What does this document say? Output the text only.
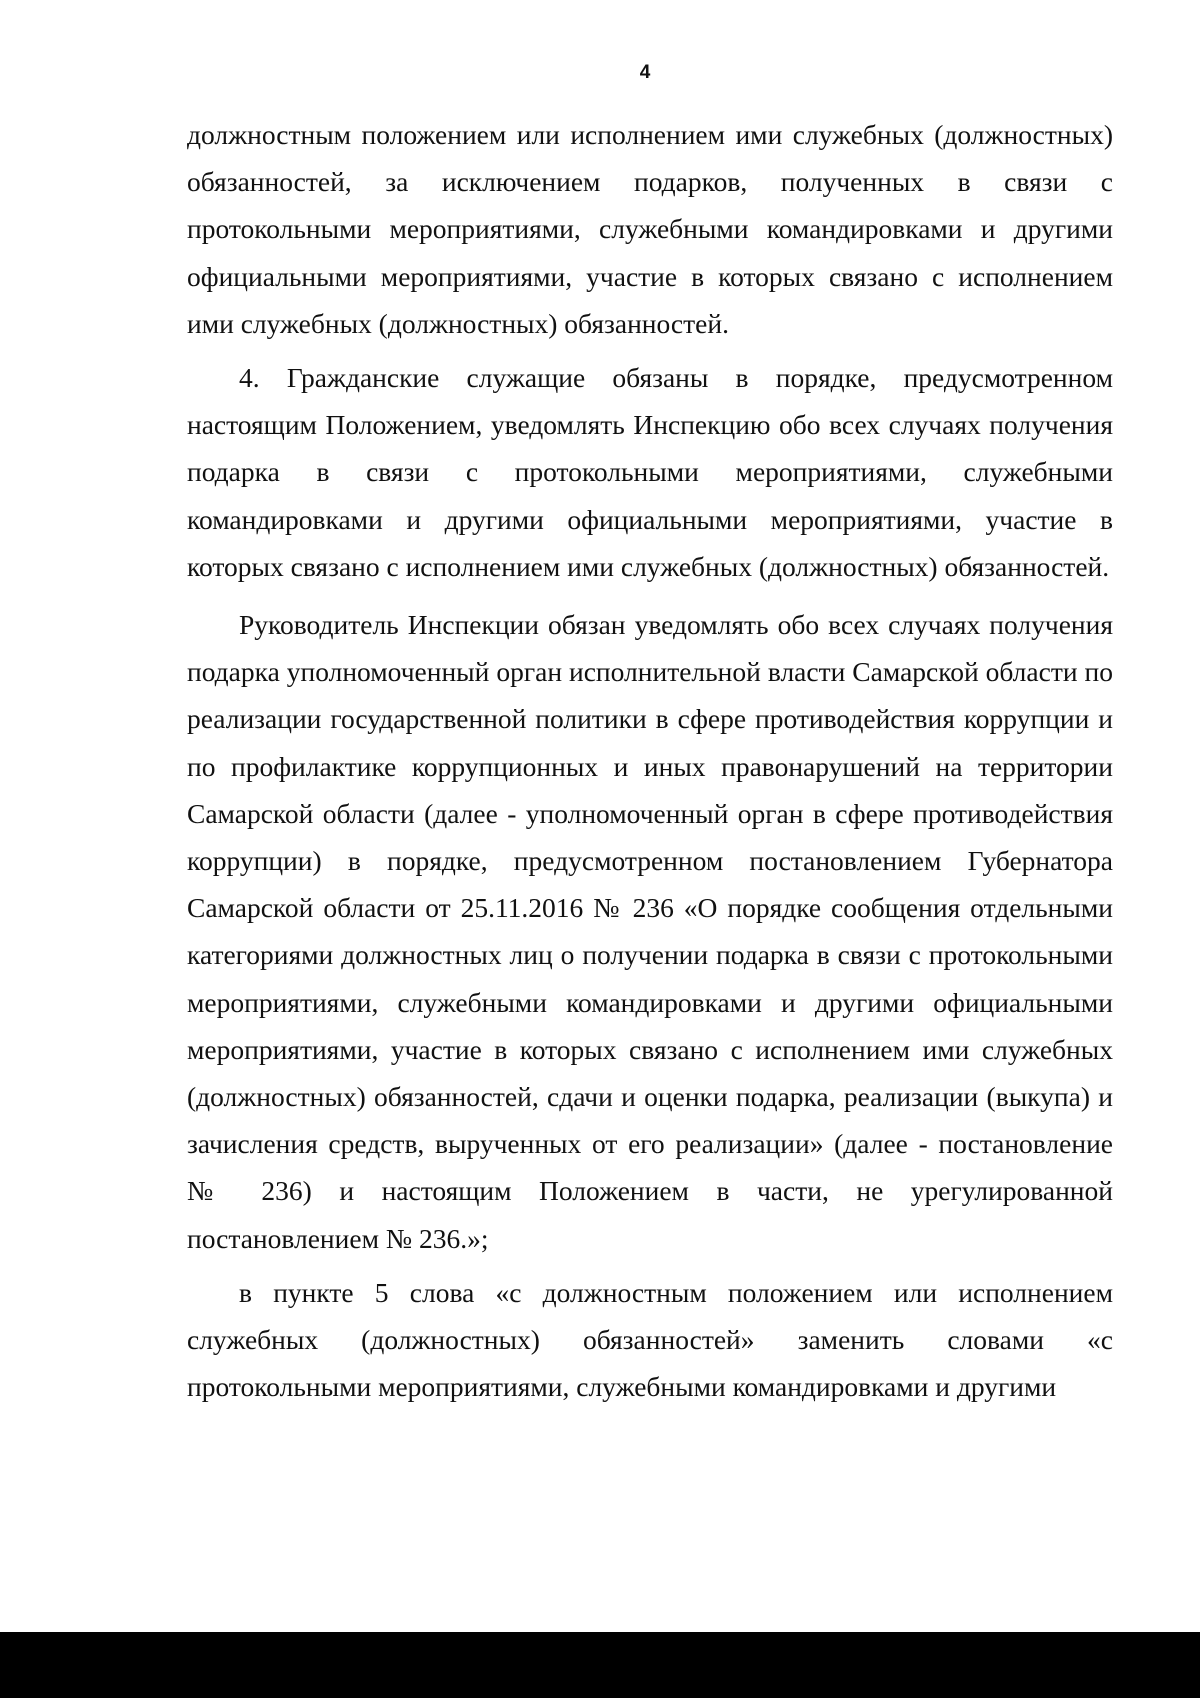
4

должностным положением или исполнением ими служебных (должностных) обязанностей, за исключением подарков, полученных в связи с протокольными мероприятиями, служебными командировками и другими официальными мероприятиями, участие в которых связано с исполнением ими служебных (должностных) обязанностей.

4. Гражданские служащие обязаны в порядке, предусмотренном настоящим Положением, уведомлять Инспекцию обо всех случаях получения подарка в связи с протокольными мероприятиями, служебными командировками и другими официальными мероприятиями, участие в которых связано с исполнением ими служебных (должностных) обязанностей.

Руководитель Инспекции обязан уведомлять обо всех случаях получения подарка уполномоченный орган исполнительной власти Самарской области по реализации государственной политики в сфере противодействия коррупции и по профилактике коррупционных и иных правонарушений на территории Самарской области (далее - уполномоченный орган в сфере противодействия коррупции) в порядке, предусмотренном постановлением Губернатора Самарской области от 25.11.2016 № 236 «О порядке сообщения отдельными категориями должностных лиц о получении подарка в связи с протокольными мероприятиями, служебными командировками и другими официальными мероприятиями, участие в которых связано с исполнением ими служебных (должностных) обязанностей, сдачи и оценки подарка, реализации (выкупа) и зачисления средств, вырученных от его реализации» (далее - постановление № 236) и настоящим Положением в части, не урегулированной постановлением № 236.»;

в пункте 5 слова «с должностным положением или исполнением служебных (должностных) обязанностей» заменить словами «с протокольными мероприятиями, служебными командировками и другими
